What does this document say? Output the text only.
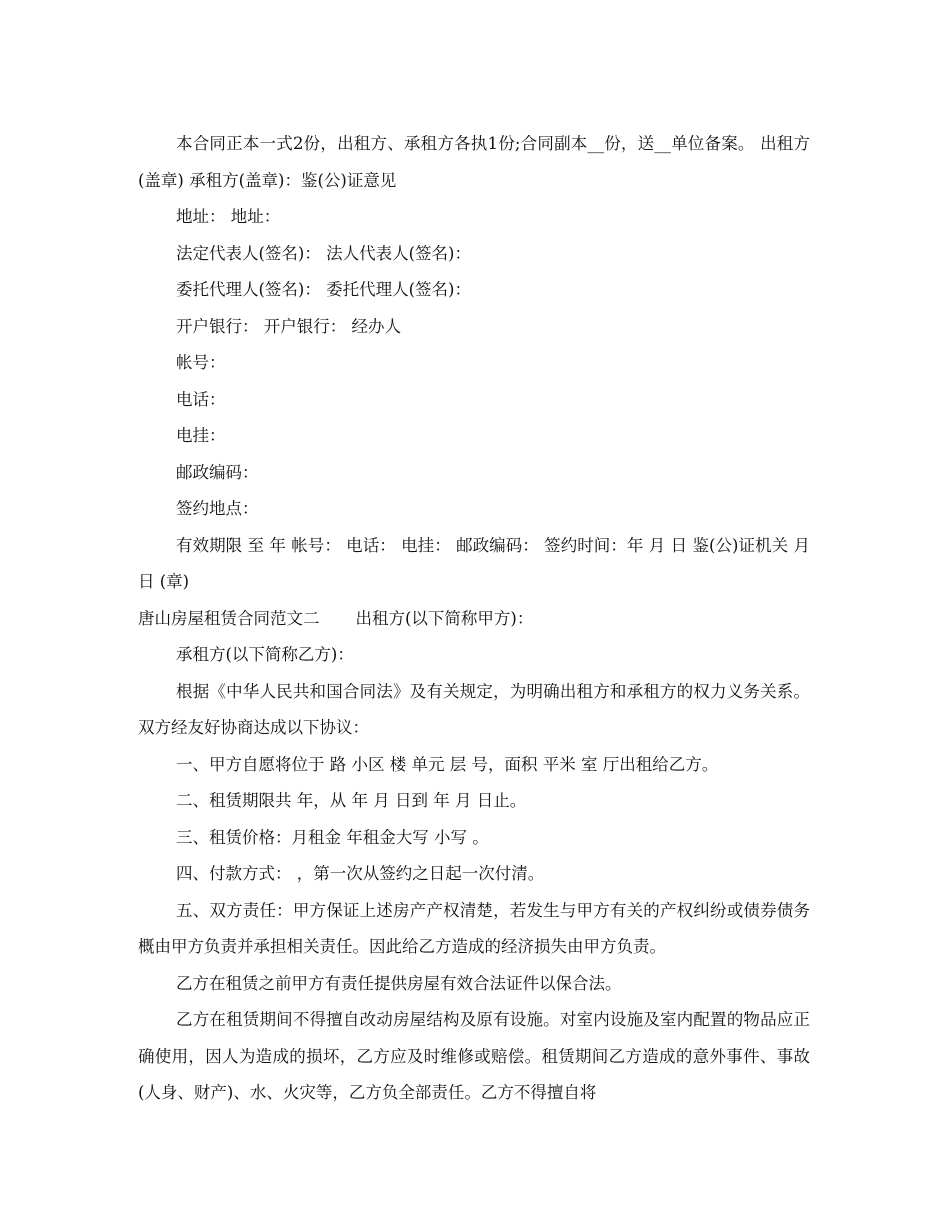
本合同正本一式2份，出租方、承租方各执1份;合同副本__份，送__单位备案。 出租方(盖章) 承租方(盖章)：鉴(公)证意见

地址： 地址：

法定代表人(签名)： 法人代表人(签名)：

委托代理人(签名)： 委托代理人(签名)：

开户银行： 开户银行： 经办人

帐号：

电话：

电挂：

邮政编码：

签约地点：

有效期限 至 年 帐号： 电话： 电挂： 邮政编码： 签约时间：年 月 日 鉴(公)证机关 月 日 (章)

唐山房屋租赁合同范文二 出租方(以下简称甲方)：

承租方(以下简称乙方)：

根据《中华人民共和国合同法》及有关规定，为明确出租方和承租方的权力义务关系。双方经友好协商达成以下协议：

一、甲方自愿将位于 路 小区 楼 单元 层 号，面积 平米 室 厅出租给乙方。

二、租赁期限共 年，从 年 月 日到 年 月 日止。

三、租赁价格：月租金 年租金大写 小写 。

四、付款方式： ，第一次从签约之日起一次付清。

五、双方责任：甲方保证上述房产产权清楚，若发生与甲方有关的产权纠纷或债券债务概由甲方负责并承担相关责任。因此给乙方造成的经济损失由甲方负责。

乙方在租赁之前甲方有责任提供房屋有效合法证件以保合法。

乙方在租赁期间不得擅自改动房屋结构及原有设施。对室内设施及室内配置的物品应正确使用，因人为造成的损坏，乙方应及时维修或赔偿。租赁期间乙方造成的意外事件、事故(人身、财产)、水、火灾等，乙方负全部责任。乙方不得擅自将
